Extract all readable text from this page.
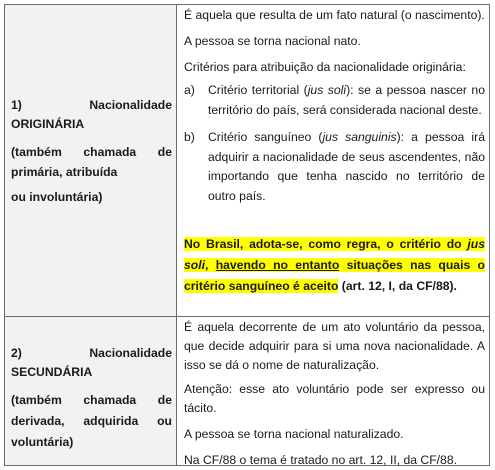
1)	Nacionalidade
ORIGINÁRIA
(também chamada de
primária, atribuída
ou involuntária)

É aquela que resulta de um fato natural (o nascimento).

A pessoa se torna nacional nato.

Critérios para atribuição da nacionalidade originária:

a) Critério territorial (jus soli): se a pessoa nascer no território do país, será considerada nacional deste.
b) Critério sanguíneo (jus sanguinis): a pessoa irá adquirir a nacionalidade de seus ascendentes, não importando que tenha nascido no território de outro país.
No Brasil, adota-se, como regra, o critério do jus soli, havendo no entanto situações nas quais o critério sanguíneo é aceito (art. 12, I, da CF/88).
2)	Nacionalidade
SECUNDÁRIA
(também chamada de
derivada, adquirida ou
voluntária)

É aquela decorrente de um ato voluntário da pessoa, que decide adquirir para si uma nova nacionalidade. A isso se dá o nome de naturalização.

Atenção: esse ato voluntário pode ser expresso ou tácito.

A pessoa se torna nacional naturalizado.

Na CF/88 o tema é tratado no art. 12, II, da CF/88.
